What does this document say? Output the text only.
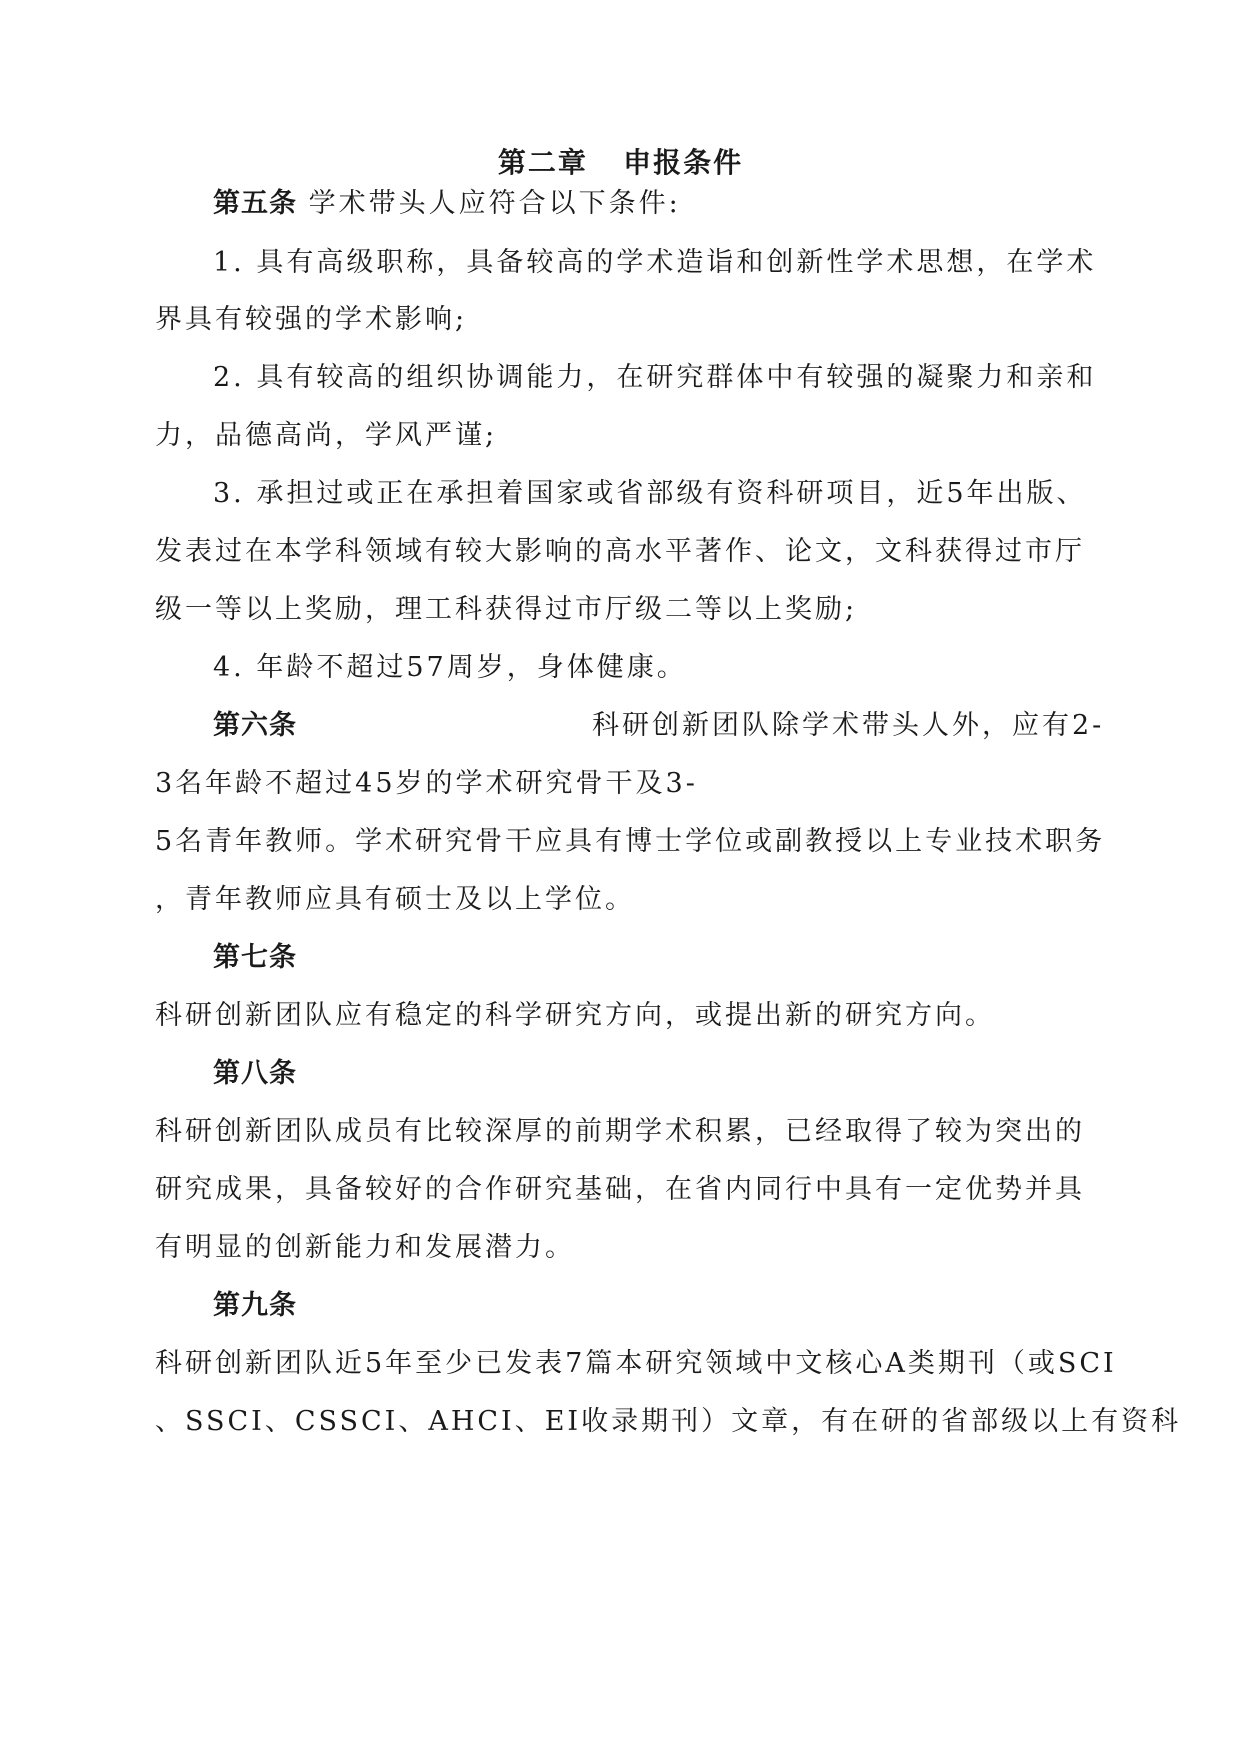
第二章   申报条件
第五条 学术带头人应符合以下条件:
1. 具有高级职称，具备较高的学术造诣和创新性学术思想，在学术
界具有较强的学术影响;
2. 具有较高的组织协调能力，在研究群体中有较强的凝聚力和亲和
力，品德高尚，学风严谨;
3. 承担过或正在承担着国家或省部级有资科研项目，近5年出版、
发表过在本学科领域有较大影响的高水平著作、论文，文科获得过市厅
级一等以上奖励，理工科获得过市厅级二等以上奖励;
4. 年龄不超过57周岁，身体健康。
第六条	科研创新团队除学术带头人外，应有2-
3名年龄不超过45岁的学术研究骨干及3-
5名青年教师。学术研究骨干应具有博士学位或副教授以上专业技术职务
，青年教师应具有硕士及以上学位。
第七条
科研创新团队应有稳定的科学研究方向，或提出新的研究方向。
第八条
科研创新团队成员有比较深厚的前期学术积累，已经取得了较为突出的
研究成果，具备较好的合作研究基础，在省内同行中具有一定优势并具
有明显的创新能力和发展潜力。
第九条
科研创新团队近5年至少已发表7篇本研究领域中文核心A类期刊（或SCI
、SSCI、CSSCI、AHCI、EI收录期刊）文章，有在研的省部级以上有资科
